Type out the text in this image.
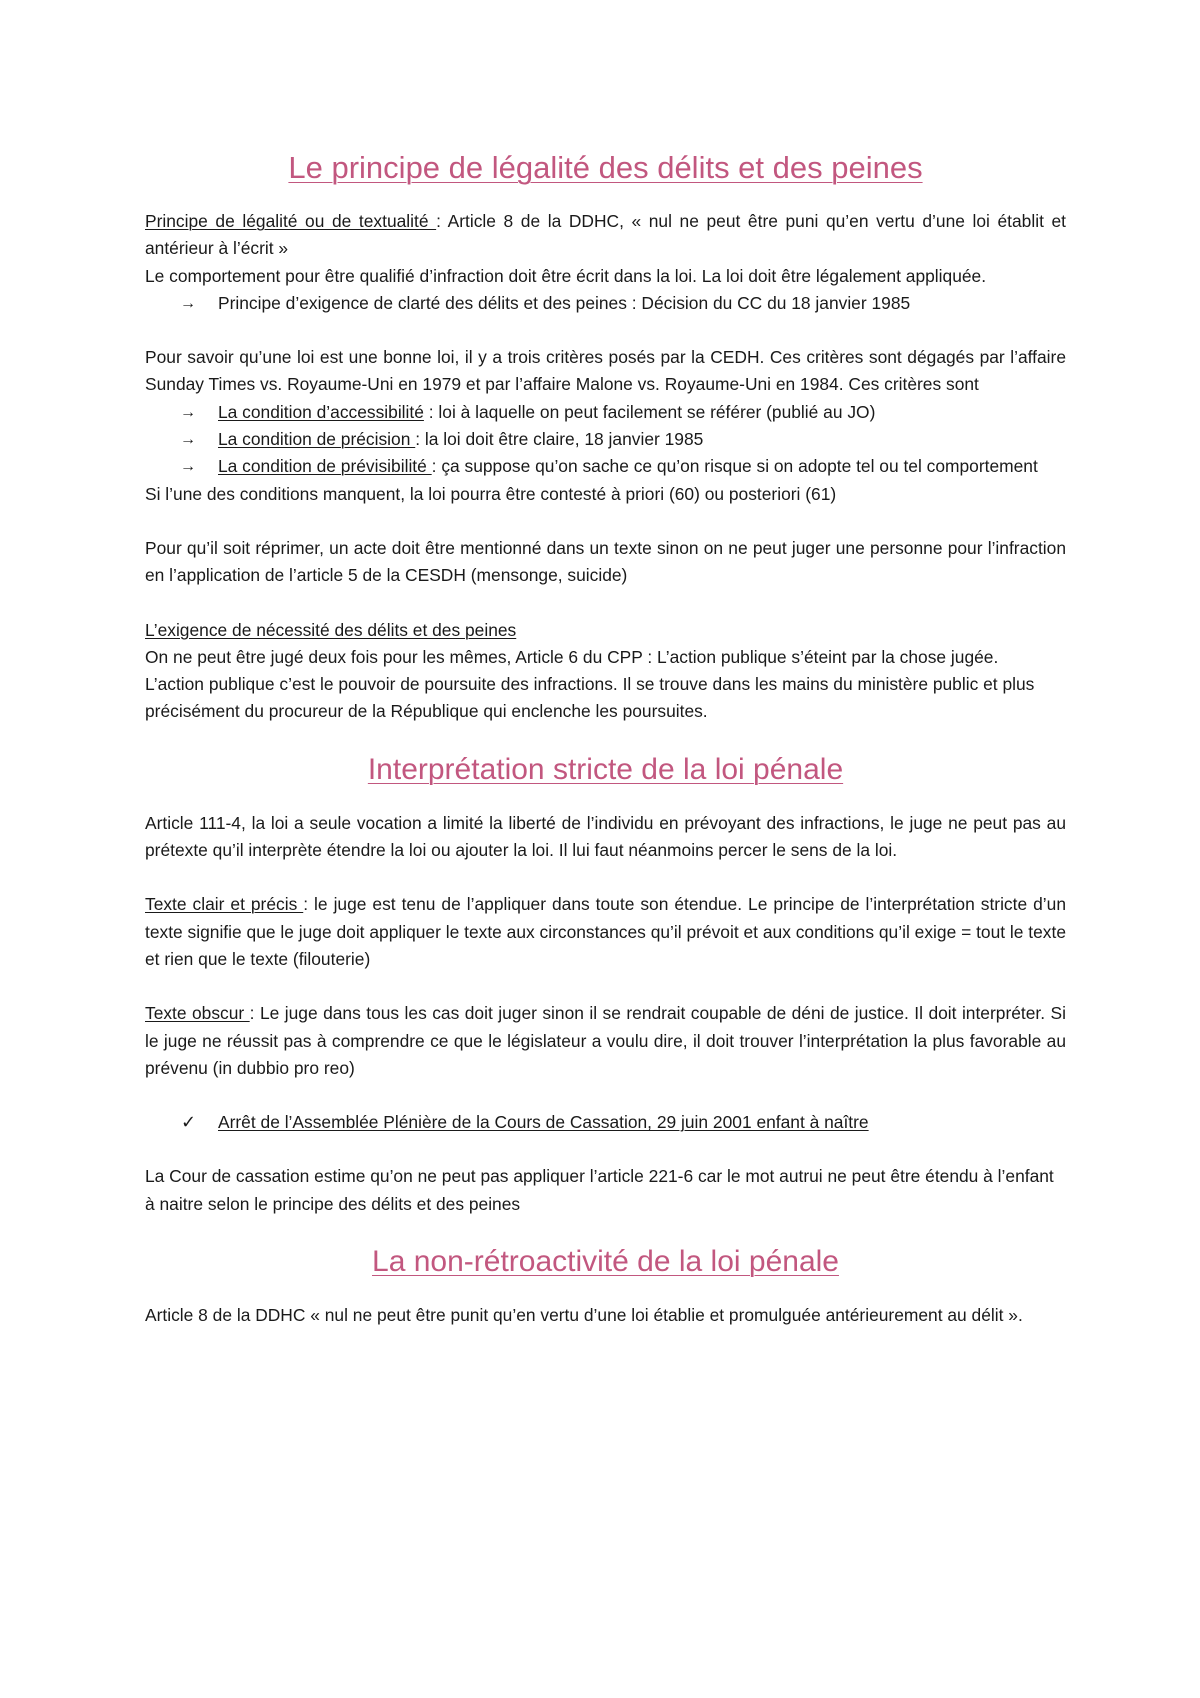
Le principe de légalité des délits et des peines

Principe de légalité ou de textualité : Article 8 de la DDHC, « nul ne peut être puni qu’en vertu d’une loi établit et antérieur à l’écrit »

Le comportement pour être qualifié d’infraction doit être écrit dans la loi. La loi doit être légalement appliquée.

→ Principe d’exigence de clarté des délits et des peines : Décision du CC du 18 janvier 1985

Pour savoir qu’une loi est une bonne loi, il y a trois critères posés par la CEDH. Ces critères sont dégagés par l’affaire Sunday Times vs. Royaume-Uni en 1979 et par l’affaire Malone vs. Royaume-Uni en 1984. Ces critères sont

→ La condition d’accessibilité : loi à laquelle on peut facilement se référer (publié au JO)
→ La condition de précision : la loi doit être claire, 18 janvier 1985
→ La condition de prévisibilité : ça suppose qu’on sache ce qu’on risque si on adopte tel ou tel comportement

Si l’une des conditions manquent, la loi pourra être contesté à priori (60) ou posteriori (61)

Pour qu’il soit réprimer, un acte doit être mentionné dans un texte sinon on ne peut juger une personne pour l’infraction en l’application de l’article 5 de la CESDH (mensonge, suicide)

L’exigence de nécessité des délits et des peines

On ne peut être jugé deux fois pour les mêmes, Article 6 du CPP : L’action publique s’éteint par la chose jugée.

L’action publique c’est le pouvoir de poursuite des infractions. Il se trouve dans les mains du ministère public et plus précisément du procureur de la République qui enclenche les poursuites.

Interprétation stricte de la loi pénale

Article 111-4, la loi a seule vocation a limité la liberté de l’individu en prévoyant des infractions, le juge ne peut pas au prétexte qu’il interprète étendre la loi ou ajouter la loi. Il lui faut néanmoins percer le sens de la loi.

Texte clair et précis : le juge est tenu de l’appliquer dans toute son étendue. Le principe de l’interprétation stricte d’un texte signifie que le juge doit appliquer le texte aux circonstances qu’il prévoit et aux conditions qu’il exige = tout le texte et rien que le texte (filouterie)

Texte obscur : Le juge dans tous les cas doit juger sinon il se rendrait coupable de déni de justice. Il doit interpréter. Si le juge ne réussit pas à comprendre ce que le législateur a voulu dire, il doit trouver l’interprétation la plus favorable au prévenu (in dubbio pro reo)

✓ Arrêt de l’Assemblée Plénière de la Cours de Cassation, 29 juin 2001 enfant à naître

La Cour de cassation estime qu’on ne peut pas appliquer l’article 221-6 car le mot autrui ne peut être étendu à l’enfant à naitre selon le principe des délits et des peines

La non-rétroactivité de la loi pénale

Article 8 de la DDHC « nul ne peut être punit qu’en vertu d’une loi établie et promulguée antérieurement au délit ».
